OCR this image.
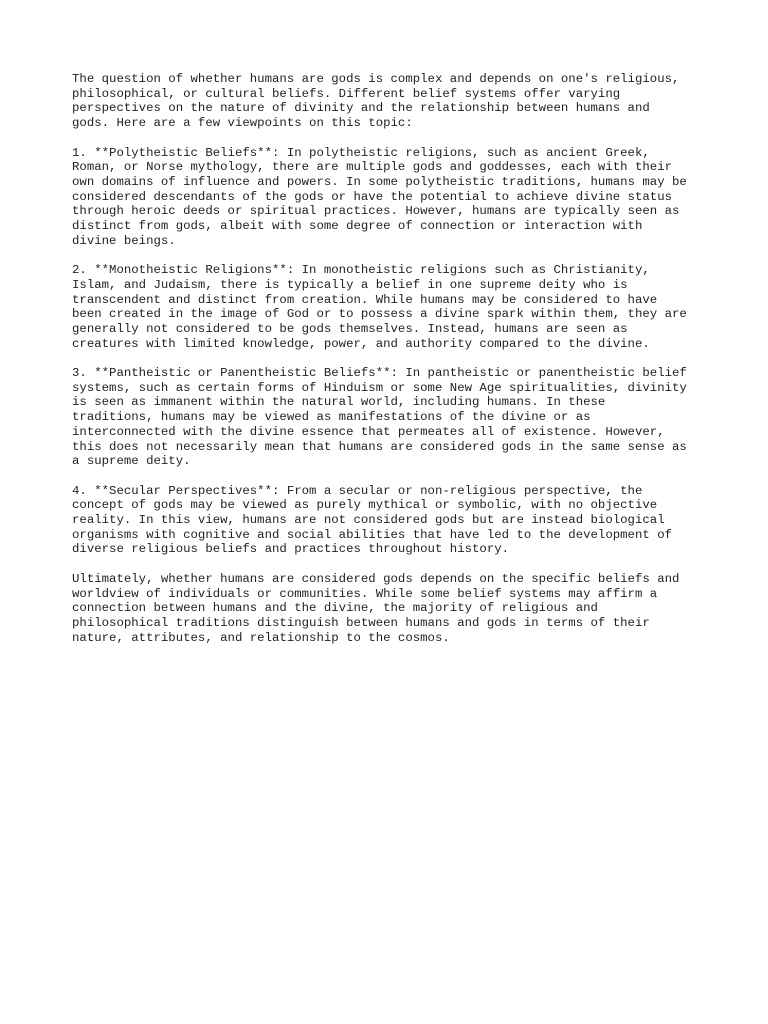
The question of whether humans are gods is complex and depends on one's religious,
philosophical, or cultural beliefs. Different belief systems offer varying
perspectives on the nature of divinity and the relationship between humans and
gods. Here are a few viewpoints on this topic:

1. **Polytheistic Beliefs**: In polytheistic religions, such as ancient Greek,
Roman, or Norse mythology, there are multiple gods and goddesses, each with their
own domains of influence and powers. In some polytheistic traditions, humans may be
considered descendants of the gods or have the potential to achieve divine status
through heroic deeds or spiritual practices. However, humans are typically seen as
distinct from gods, albeit with some degree of connection or interaction with
divine beings.

2. **Monotheistic Religions**: In monotheistic religions such as Christianity,
Islam, and Judaism, there is typically a belief in one supreme deity who is
transcendent and distinct from creation. While humans may be considered to have
been created in the image of God or to possess a divine spark within them, they are
generally not considered to be gods themselves. Instead, humans are seen as
creatures with limited knowledge, power, and authority compared to the divine.

3. **Pantheistic or Panentheistic Beliefs**: In pantheistic or panentheistic belief
systems, such as certain forms of Hinduism or some New Age spiritualities, divinity
is seen as immanent within the natural world, including humans. In these
traditions, humans may be viewed as manifestations of the divine or as
interconnected with the divine essence that permeates all of existence. However,
this does not necessarily mean that humans are considered gods in the same sense as
a supreme deity.

4. **Secular Perspectives**: From a secular or non-religious perspective, the
concept of gods may be viewed as purely mythical or symbolic, with no objective
reality. In this view, humans are not considered gods but are instead biological
organisms with cognitive and social abilities that have led to the development of
diverse religious beliefs and practices throughout history.

Ultimately, whether humans are considered gods depends on the specific beliefs and
worldview of individuals or communities. While some belief systems may affirm a
connection between humans and the divine, the majority of religious and
philosophical traditions distinguish between humans and gods in terms of their
nature, attributes, and relationship to the cosmos.
